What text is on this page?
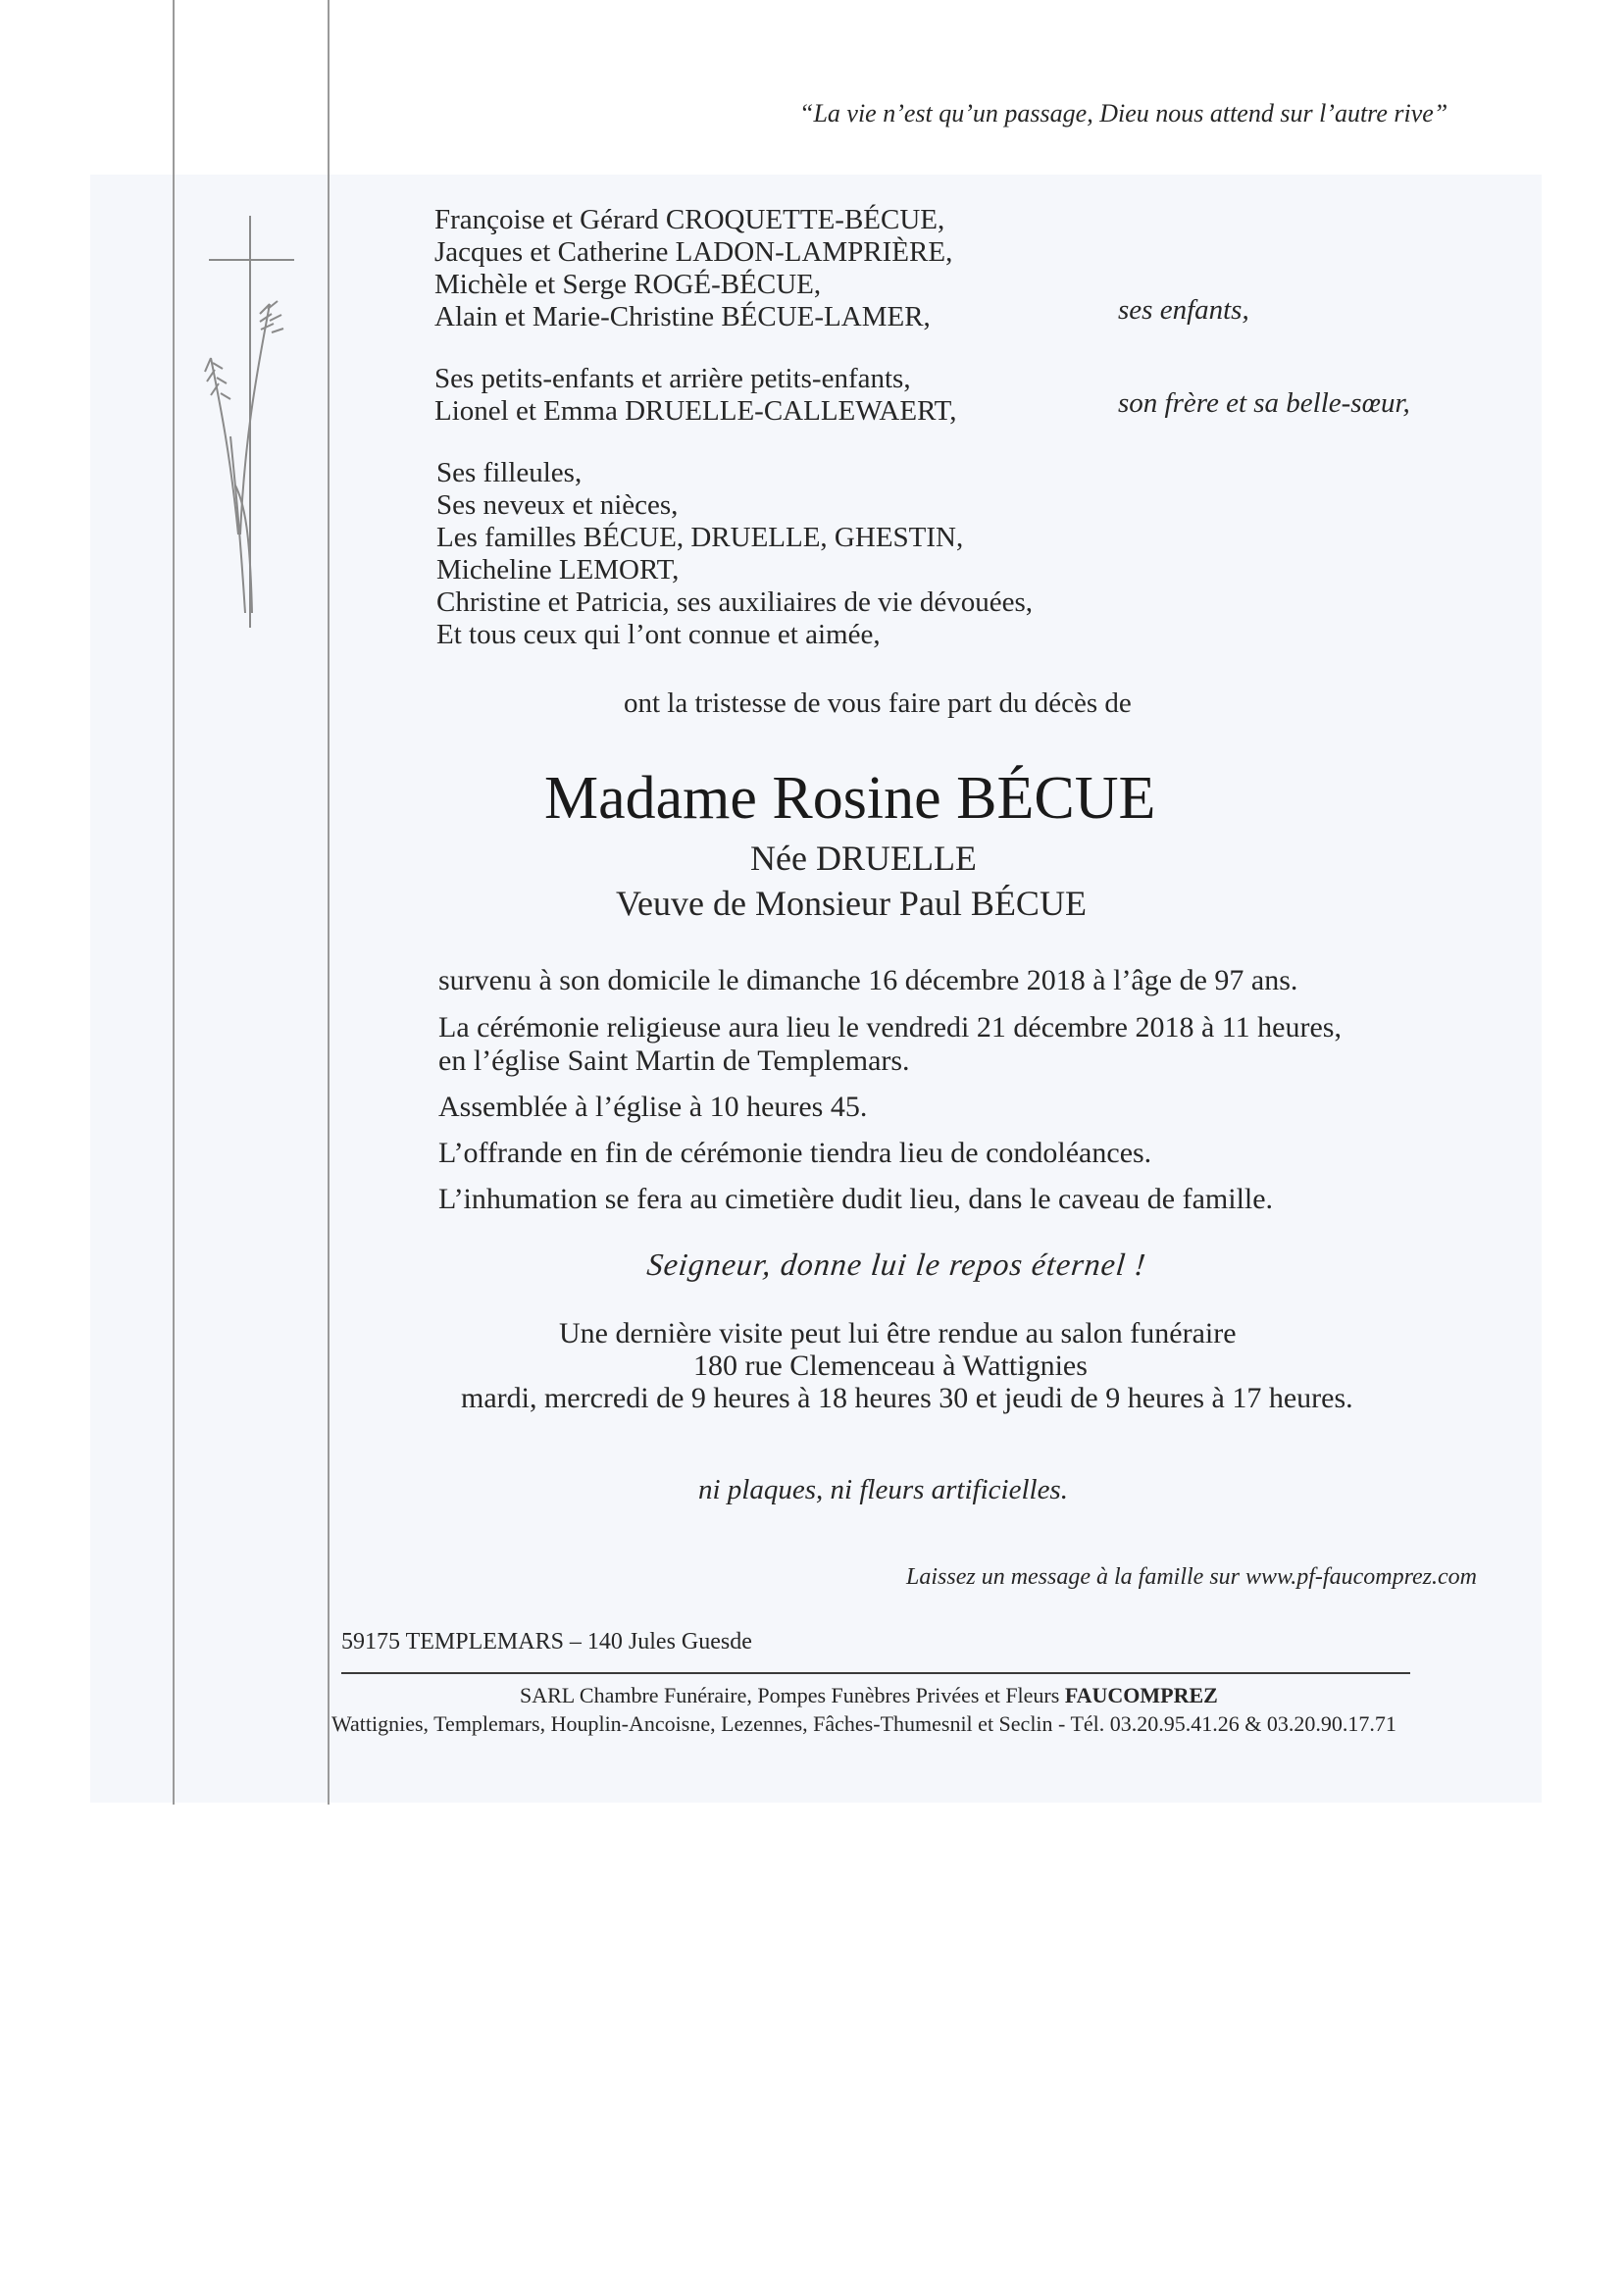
“La vie n’est qu’un passage, Dieu nous attend sur l’autre rive”
Françoise et Gérard CROQUETTE-BÉCUE,
Jacques et Catherine LADON-LAMPRIÈRE,
Michèle et Serge ROGÉ-BÉCUE,
Alain et Marie-Christine BÉCUE-LAMER,	ses enfants,
Ses petits-enfants et arrière petits-enfants,
Lionel et Emma DRUELLE-CALLEWAERT,	son frère et sa belle-sœur,
Ses filleules,
Ses neveux et nièces,
Les familles BÉCUE, DRUELLE, GHESTIN,
Micheline LEMORT,
Christine et Patricia, ses auxiliaires de vie dévouées,
Et tous ceux qui l’ont connue et aimée,
ont la tristesse de vous faire part du décès de
Madame Rosine BÉCUE
Née DRUELLE
Veuve de Monsieur Paul BÉCUE
survenu à son domicile le dimanche 16 décembre 2018 à l’âge de 97 ans.
La cérémonie religieuse aura lieu le vendredi 21 décembre 2018 à 11 heures,
en l’église Saint Martin de Templemars.
Assemblée à l’église à 10 heures 45.
L’offrande en fin de cérémonie tiendra lieu de condoléances.
L’inhumation se fera au cimetière dudit lieu, dans le caveau de famille.
Seigneur, donne lui le repos éternel !
Une dernière visite peut lui être rendue au salon funéraire
180 rue Clemenceau à Wattignies
mardi, mercredi de 9 heures à 18 heures 30 et jeudi de 9 heures à 17 heures.
ni plaques, ni fleurs artificielles.
Laissez un message à la famille sur www.pf-faucomprez.com
59175 TEMPLEMARS – 140 Jules Guesde
SARL Chambre Funéraire, Pompes Funèbres Privées et Fleurs FAUCOMPREZ
Wattignies, Templemars, Houplin-Ancoisne, Lezennes, Fâches-Thumesnil et Seclin - Tél. 03.20.95.41.26 & 03.20.90.17.71
